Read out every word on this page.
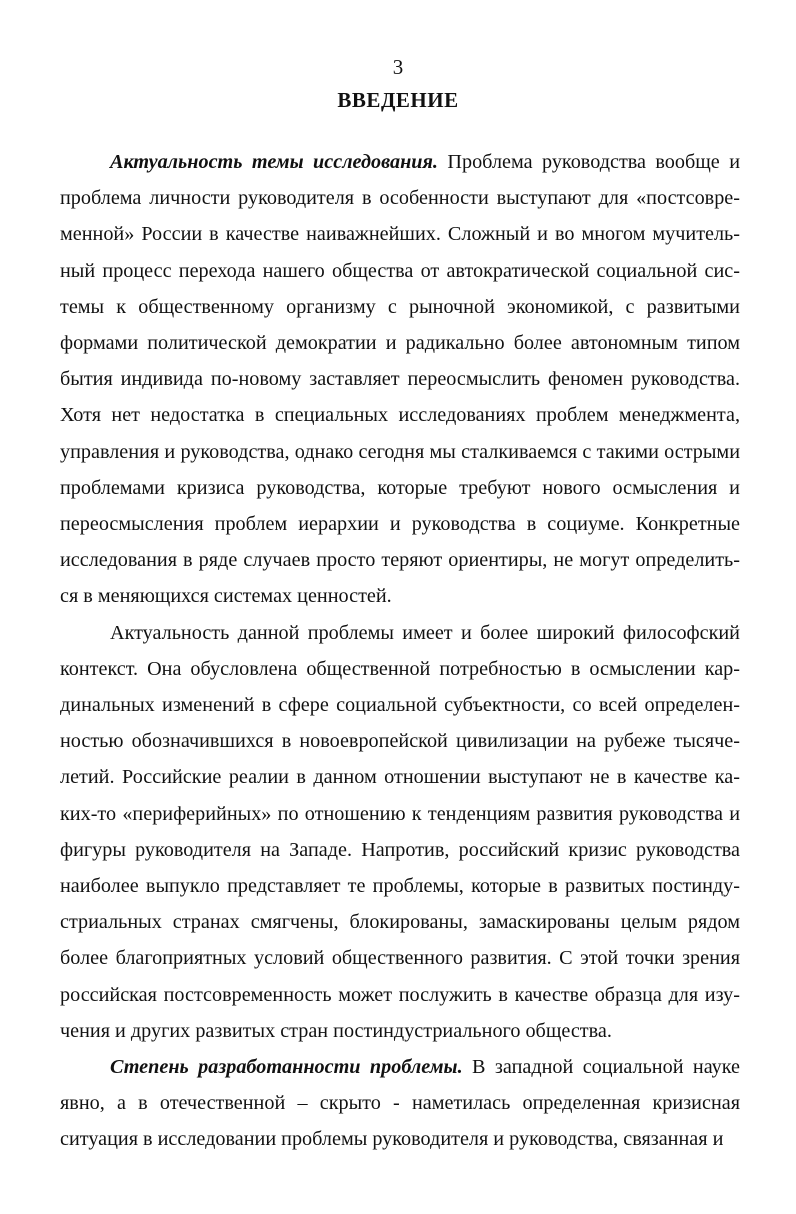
3
ВВЕДЕНИЕ

Актуальность темы исследования. Проблема руководства вообще и проблема личности руководителя в особенности выступают для «постсовременной» России в качестве наиважнейших. Сложный и во многом мучительный процесс перехода нашего общества от автократической социальной системы к общественному организму с рыночной экономикой, с развитыми формами политической демократии и радикально более автономным типом бытия индивида по-новому заставляет переосмыслить феномен руководства. Хотя нет недостатка в специальных исследованиях проблем менеджмента, управления и руководства, однако сегодня мы сталкиваемся с такими острыми проблемами кризиса руководства, которые требуют нового осмысления и переосмысления проблем иерархии и руководства в социуме. Конкретные исследования в ряде случаев просто теряют ориентиры, не могут определиться в меняющихся системах ценностей.

Актуальность данной проблемы имеет и более широкий философский контекст. Она обусловлена общественной потребностью в осмыслении кардинальных изменений в сфере социальной субъектности, со всей определенностью обозначившихся в новоевропейской цивилизации на рубеже тысячелетий. Российские реалии в данном отношении выступают не в качестве каких-то «периферийных» по отношению к тенденциям развития руководства и фигуры руководителя на Западе. Напротив, российский кризис руководства наиболее выпукло представляет те проблемы, которые в развитых постиндустриальных странах смягчены, блокированы, замаскированы целым рядом более благоприятных условий общественного развития. С этой точки зрения российская постсовременность может послужить в качестве образца для изучения и других развитых стран постиндустриального общества.

Степень разработанности проблемы. В западной социальной науке явно, а в отечественной – скрыто - наметилась определенная кризисная ситуация в исследовании проблемы руководителя и руководства, связанная и
